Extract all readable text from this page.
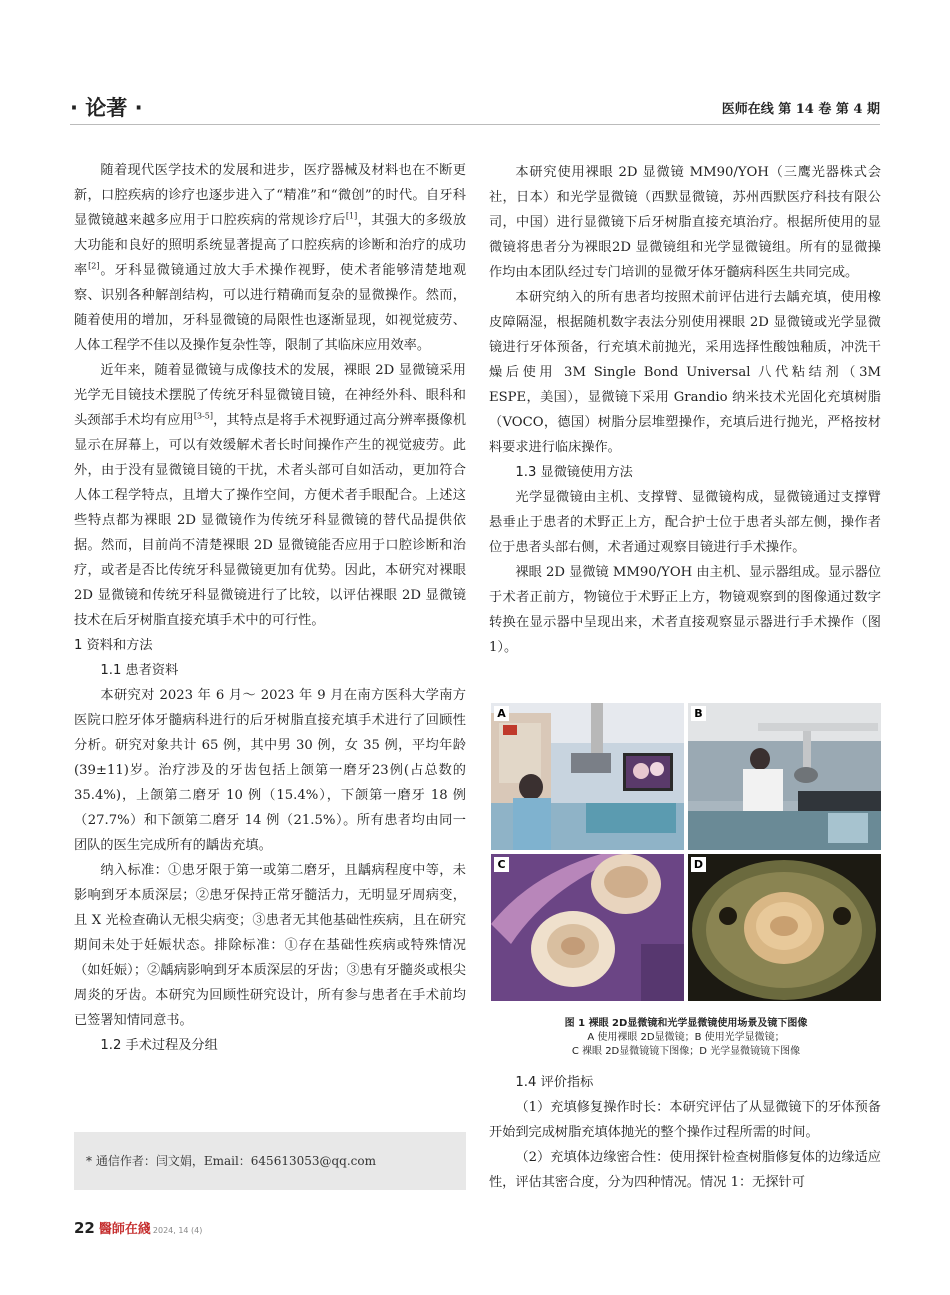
· 论著 ·	医师在线 第 14 卷 第 4 期

随着现代医学技术的发展和进步，医疗器械及材料也在不断更新，口腔疾病的诊疗也逐步进入了“精准”和“微创”的时代。自牙科显微镜越来越多应用于口腔疾病的常规诊疗后[1]，其强大的多级放大功能和良好的照明系统显著提高了口腔疾病的诊断和治疗的成功率[2]。牙科显微镜通过放大手术操作视野，使术者能够清楚地观察、识别各种解剖结构，可以进行精确而复杂的显微操作。然而，随着使用的增加，牙科显微镜的局限性也逐渐显现，如视觉疲劳、人体工程学不佳以及操作复杂性等，限制了其临床应用效率。

近年来，随着显微镜与成像技术的发展，裸眼 2D 显微镜采用光学无目镜技术摆脱了传统牙科显微镜目镜，在神经外科、眼科和头颈部手术均有应用[3-5]，其特点是将手术视野通过高分辨率摄像机显示在屏幕上，可以有效缓解术者长时间操作产生的视觉疲劳。此外，由于没有显微镜目镜的干扰，术者头部可自如活动，更加符合人体工程学特点，且增大了操作空间，方便术者手眼配合。上述这些特点都为裸眼 2D 显微镜作为传统牙科显微镜的替代品提供依据。然而，目前尚不清楚裸眼 2D 显微镜能否应用于口腔诊断和治疗，或者是否比传统牙科显微镜更加有优势。因此，本研究对裸眼 2D 显微镜和传统牙科显微镜进行了比较，以评估裸眼 2D 显微镜技术在后牙树脂直接充填手术中的可行性。

1 资料和方法
1.1 患者资料

本研究对 2023 年 6 月～ 2023 年 9 月在南方医科大学南方医院口腔牙体牙髓病科进行的后牙树脂直接充填手术进行了回顾性分析。研究对象共计 65 例，其中男 30 例，女 35 例，平均年龄(39±11)岁。治疗涉及的牙齿包括上颌第一磨牙23例(占总数的 35.4%)，上颌第二磨牙 10 例（15.4%），下颌第一磨牙 18 例（27.7%）和下颌第二磨牙 14 例（21.5%）。所有患者均由同一团队的医生完成所有的龋齿充填。

纳入标准：①患牙限于第一或第二磨牙，且龋病程度中等，未影响到牙本质深层；②患牙保持正常牙髓活力，无明显牙周病变，且 X 光检查确认无根尖病变；③患者无其他基础性疾病，且在研究期间未处于妊娠状态。排除标准：①存在基础性疾病或特殊情况（如妊娠）；②龋病影响到牙本质深层的牙齿；③患有牙髓炎或根尖周炎的牙齿。本研究为回顾性研究设计，所有参与患者在手术前均已签署知情同意书。

1.2 手术过程及分组
* 通信作者：闫文娟，Email：645613053@qq.com

本研究使用裸眼 2D 显微镜 MM90/YOH（三鹰光器株式会社，日本）和光学显微镜（西默显微镜，苏州西默医疗科技有限公司，中国）进行显微镜下后牙树脂直接充填治疗。根据所使用的显微镜将患者分为裸眼2D 显微镜组和光学显微镜组。所有的显微操作均由本团队经过专门培训的显微牙体牙髓病科医生共同完成。

本研究纳入的所有患者均按照术前评估进行去龋充填，使用橡皮障隔湿，根据随机数字表法分别使用裸眼 2D 显微镜或光学显微镜进行牙体预备，行充填术前抛光，采用选择性酸蚀釉质，冲洗干燥后使用 3M Single Bond Universal 八代粘结剂（3M ESPE，美国），显微镜下采用 Grandio 纳米技术光固化充填树脂（VOCO，德国）树脂分层堆塑操作，充填后进行抛光，严格按材料要求进行临床操作。

1.3 显微镜使用方法

光学显微镜由主机、支撑臂、显微镜构成，显微镜通过支撑臂悬垂止于患者的术野正上方，配合护士位于患者头部左侧，操作者位于患者头部右侧，术者通过观察目镜进行手术操作。

裸眼 2D 显微镜 MM90/YOH 由主机、显示器组成。显示器位于术者正前方，物镜位于术野正上方，物镜观察到的图像通过数字转换在显示器中呈现出来，术者直接观察显示器进行手术操作（图 1）。

A	B
C	D
图 1 裸眼 2D显微镜和光学显微镜使用场景及镜下图像
A 使用裸眼 2D显微镜；B 使用光学显微镜；
C 裸眼 2D显微镜镜下图像；D 光学显微镜镜下图像
1.4 评价指标

（1）充填修复操作时长：本研究评估了从显微镜下的牙体预备开始到完成树脂充填体抛光的整个操作过程所需的时间。

（2）充填体边缘密合性：使用探针检查树脂修复体的边缘适应性，评估其密合度，分为四种情况。情况 1：无探针可

22 醫師在綫 2024, 14 (4)
